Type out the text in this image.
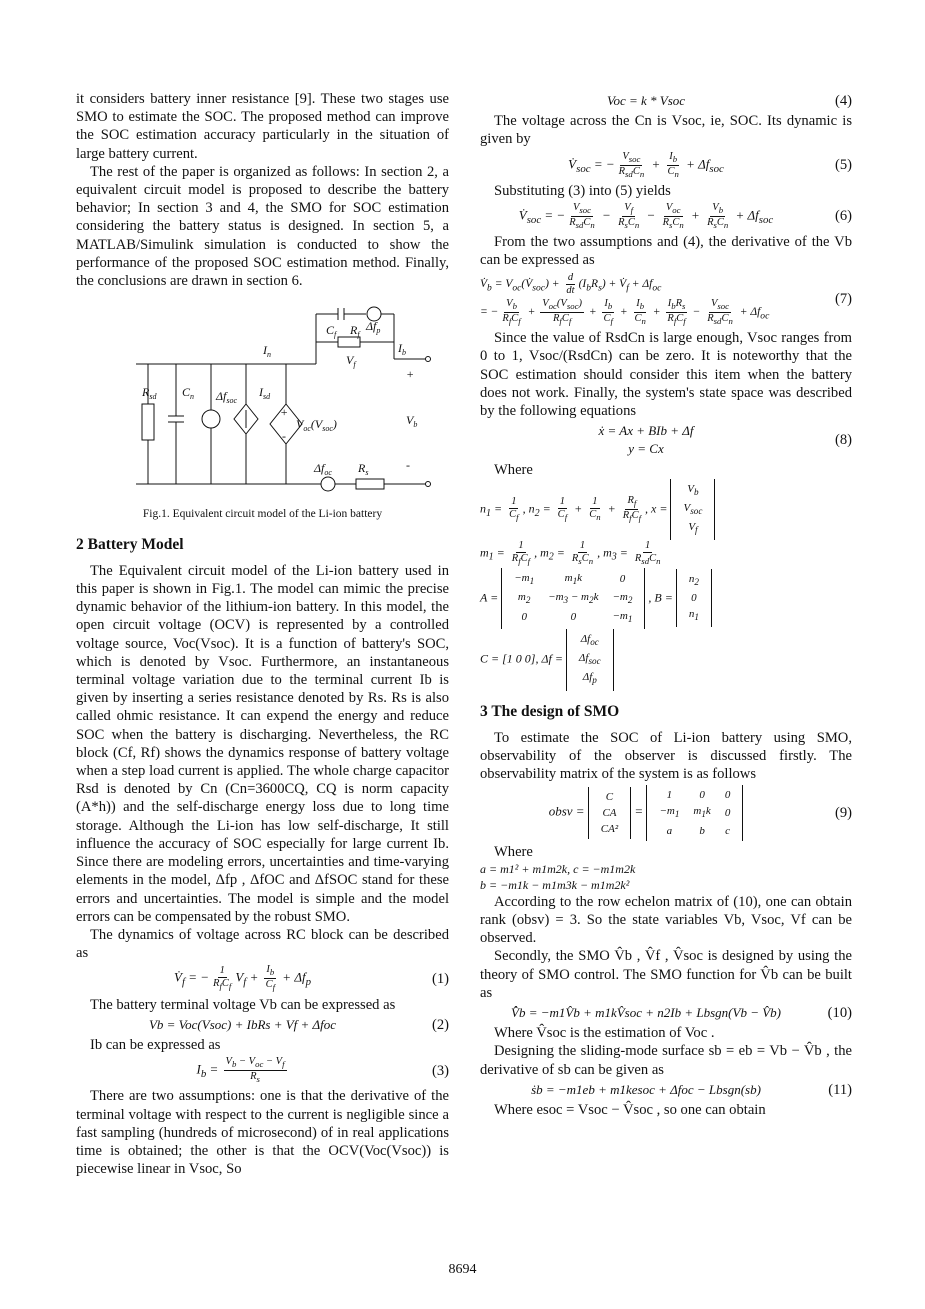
it considers battery inner resistance [9]. These two stages use SMO to estimate the SOC. The proposed method can improve the SOC estimation accuracy particularly in the situation of large battery current.

The rest of the paper is organized as follows: In section 2, a equivalent circuit model is proposed to describe the battery behavior; In section 3 and 4, the SMO for SOC estimation considering the battery status is designed. In section 5, a MATLAB/Simulink simulation is conducted to show the performance of the proposed SOC estimation method. Finally, the conclusions are drawn in section 6.

$R_{sd}$ $C_n$ $\Delta f_{soc}$
$I_{sd}$
$V_{oc}(V_{soc})$
$I_n$
$C_f$ $R_f$
$\Delta f_p$
$I_b$
$V_f$
$V_b$
$\Delta f_{oc}$ $R_s$
+
-
+
-
Fig.1. Equivalent circuit model of the Li-ion battery
2 Battery Model

The Equivalent circuit model of the Li-ion battery used in this paper is shown in Fig.1. The model can mimic the precise dynamic behavior of the lithium-ion battery. In this model, the open circuit voltage (OCV) is represented by a controlled voltage source, Voc(Vsoc). It is a function of battery's SOC, which is denoted by Vsoc. Furthermore, an instantaneous terminal voltage variation due to the terminal current Ib is given by inserting a series resistance denoted by Rs. Rs is also called ohmic resistance. It can expend the energy and reduce SOC when the battery is discharging. Nevertheless, the RC block (Cf, Rf) shows the dynamics response of battery voltage when a step load current is applied. The whole charge capacitor Rsd is denoted by Cn (Cn=3600CQ, CQ is norm capacity (A*h)) and the self-discharge energy loss due to long time storage. Although the Li-ion has low self-discharge, It still influence the accuracy of SOC especially for large current Ib. Since there are modeling errors, uncertainties and time-varying elements in the model, Δfp , ΔfOC and ΔfSOC stand for these errors and uncertainties. The model is simple and the model errors can be compensated by the robust SMO.

The dynamics of voltage across RC block can be described as

$V̇_f$ = − $\frac{1}{R_fC_f} V_f + \frac{I_b}{C_f} + \Delta f_p$	(1)

The battery terminal voltage Vb can be expressed as

Vb = Voc(Vsoc) + IbRs + Vf + Δfoc	(2)

Ib can be expressed as

$I_b = \frac{V_b - V_{oc} - V_f}{R_s}$	(3)

There are two assumptions: one is that the derivative of the terminal voltage with respect to the current is negligible since a fast sampling (hundreds of microsecond) of in real applications time is obtained; the other is that the OCV(Voc(Vsoc)) is piecewise linear in Vsoc, So

Voc = k * Vsoc	(4)

The voltage across the Cn is Vsoc, ie, SOC. Its dynamic is given by

$V̇_{soc}$ = − $\frac{V_{soc}}{R_{sd}C_n} + \frac{I_b}{C_n} + \Delta f_{soc}$	(5)

Substituting (3) into (5) yields

$V̇_{soc}$ = − $\frac{V_{soc}}{R_{sd}C_n} - \frac{V_f}{R_sC_n} - \frac{V_{oc}}{R_sC_n} + \frac{V_b}{R_sC_n} + \Delta f_{soc}$	(6)

From the two assumptions and (4), the derivative of the Vb can be expressed as

$V̇_b$ = $V_{oc}(V̇_{soc}) + \frac{d}{dt} (I_bR_s)$ + $V̇_f + \Delta f_{oc}$
= − $\frac{V_b}{R_fC_f} + \frac{V_{oc}(V_{soc})}{R_fC_f} + \frac{I_b}{C_f} + \frac{I_b}{C_n} + \frac{I_bR_s}{R_fC_f} - \frac{V_{soc}}{R_{sd}C_n} + \Delta f_{oc}$
(7)

Since the value of RsdCn is large enough, Vsoc ranges from 0 to 1, Vsoc/(RsdCn) can be zero. It is noteworthy that the SOC estimation should consider this item when the battery does not work. Finally, the system's state space was described by the following equations

ẋ = Ax + BIb + Δf
y = Cx
(8)

Where

$n_1 = \frac{1}{C_f}$ , $n_2 = \frac{1}{C_f} + \frac{1}{C_n} + \frac{R_f}{R_fC_f}$ , $x = V_b$
$V_{soc}$
$V_f$
$m_1 = \frac{1}{R_fC_f}$ , $m_2 = \frac{1}{R_sC_n}$ , $m_3 = \frac{1}{R_{sd}C_n}$
$A = -m_1$	$m_1k$	0
$m_2$	$-m_3 - m_2k$	$-m_2$
0	0	$-m_1$ , $B = n_2$
0
$n_1$
C = [1 0 0], $\Delta f = \Delta f_{oc}$
$\Delta f_{soc}$
$\Delta f_p$
3 The design of SMO

To estimate the SOC of Li-ion battery using SMO, observability of the observer is discussed firstly. The observability matrix of the system is as follows

obsv = C
CA
CA² = 1	0	0
$-m_1$	$m_1k$	0
a	b	c
(9)

Where

a = m1² + m1m2k, c = −m1m2k
b = −m1k − m1m3k − m1m2k²

According to the row echelon matrix of (10), one can obtain rank (obsv) = 3. So the state variables Vb, Vsoc, Vf can be observed.

Secondly, the SMO V̂b , V̂f , V̂soc is designed by using the theory of SMO control. The SMO function for V̂b can be built as

V̂̇b = −m1V̂b + m1kV̂soc + n2Ib + Lbsgn(Vb − V̂b)	(10)

Where V̂soc is the estimation of Voc .

Designing the sliding-mode surface sb = eb = Vb − V̂b , the derivative of sb can be given as

ṡb = −m1eb + m1kesoc + Δfoc − Lbsgn(sb)	(11)

Where esoc = Vsoc − V̂soc , so one can obtain

8694
